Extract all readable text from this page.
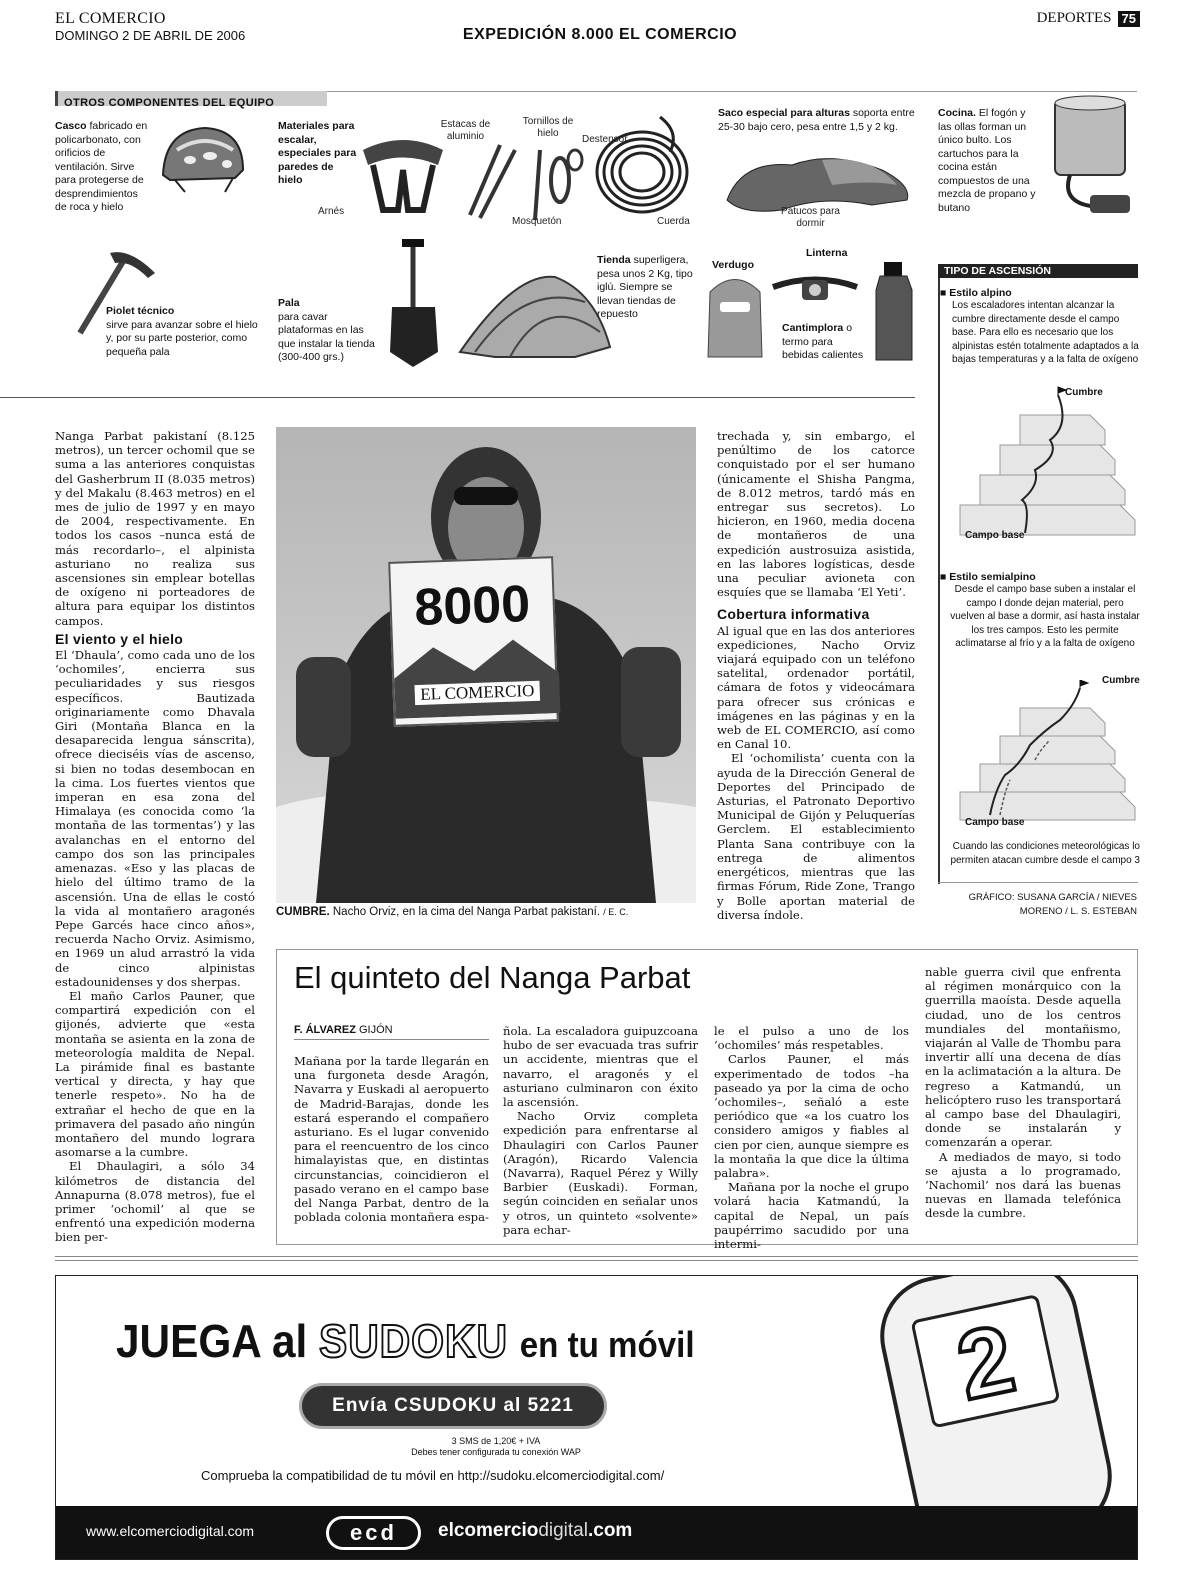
EL COMERCIO
DOMINGO 2 DE ABRIL DE 2006	EXPEDICIÓN 8.000 EL COMERCIO
DEPORTES 75
OTROS COMPONENTES DEL EQUIPO
Casco fabricado en policarbonato, con orificios de ventilación. Sirve para protegerse de desprendimientos de roca y hielo
Materiales para escalar, especiales para paredes de hielo
Arnés
Estacas de aluminio
Tornillos de hielo
Destensor
Mosquetón	Cuerda
Saco especial para alturas soporta entre 25-30 bajo cero, pesa entre 1,5 y 2 kg.
Patucos para dormir
Cocina. El fogón y las ollas forman un único bulto. Los cartuchos para la cocina están compuestos de una mezcla de propano y butano
Piolet técnico
sirve para avanzar sobre el hielo y, por su parte posterior, como pequeña pala
Pala
para cavar plataformas en las que instalar la tienda (300-400 grs.)
Tienda superligera, pesa unos 2 Kg, tipo iglú. Siempre se llevan tiendas de repuesto
Verdugo
Linterna
Cantimplora o termo para bebidas calientes
TIPO DE ASCENSIÓN
■ Estilo alpino
Los escaladores intentan alcanzar la cumbre directamente desde el campo base. Para ello es necesario que los alpinistas estén totalmente adaptados a la bajas temperaturas y a la falta de oxígeno
Cumbre
Campo base
■ Estilo semialpino
Desde el campo base suben a instalar el campo I donde dejan material, pero vuelven al base a dormir, así hasta instalar los tres campos. Esto les permite aclimatarse al frío y a la falta de oxígeno
Cumbre
Campo base
Cuando las condiciones meteorológicas lo permiten atacan cumbre desde el campo 3
GRÁFICO: SUSANA GARCÍA / NIEVES MORENO / L. S. ESTEBAN

Nanga Parbat pakistaní (8.125 metros), un tercer ochomil que se suma a las anteriores conquistas del Gasherbrum II (8.035 metros) y del Makalu (8.463 metros) en el mes de julio de 1997 y en mayo de 2004, respectivamente. En todos los casos –nunca está de más recordarlo–, el alpinista asturiano no realiza sus ascensiones sin emplear botellas de oxígeno ni porteadores de altura para equipar los distintos campos.

El viento y el hielo

El ‘Dhaula’, como cada uno de los ‘ochomiles’, encierra sus peculiaridades y sus riesgos específicos. Bautizada originariamente como Dhavala Giri (Montaña Blanca en la desaparecida lengua sánscrita), ofrece dieciséis vías de ascenso, si bien no todas desembocan en la cima. Los fuertes vientos que imperan en esa zona del Himalaya (es conocida como ‘la montaña de las tormentas’) y las avalanchas en el entorno del campo dos son las principales amenazas. «Eso y las placas de hielo del último tramo de la ascensión. Una de ellas le costó la vida al montañero aragonés Pepe Garcés hace cinco años», recuerda Nacho Orviz. Asimismo, en 1969 un alud arrastró la vida de cinco alpinistas estadounidenses y dos sherpas.

El maño Carlos Pauner, que compartirá expedición con el gijonés, advierte que «esta montaña se asienta en la zona de meteorología maldita de Nepal. La pirámide final es bastante vertical y directa, y hay que tenerle respeto». No ha de extrañar el hecho de que en la primavera del pasado año ningún montañero del mundo lograra asomarse a la cumbre.

El Dhaulagiri, a sólo 34 kilómetros de distancia del Annapurna (8.078 metros), fue el primer ‘ochomil’ al que se enfrentó una expedición moderna bien per-

8000
EL COMERCIO
CUMBRE. Nacho Orviz, en la cima del Nanga Parbat pakistaní. / E. C.

trechada y, sin embargo, el penúltimo de los catorce conquistado por el ser humano (únicamente el Shisha Pangma, de 8.012 metros, tardó más en entregar sus secretos). Lo hicieron, en 1960, media docena de montañeros de una expedición austrosuiza asistida, en las labores logísticas, desde una peculiar avioneta con esquíes que se llamaba ‘El Yeti’.

Cobertura informativa

Al igual que en las dos anteriores expediciones, Nacho Orviz viajará equipado con un teléfono satelital, ordenador portátil, cámara de fotos y videocámara para ofrecer sus crónicas e imágenes en las páginas y en la web de EL COMERCIO, así como en Canal 10.

El ‘ochomilista’ cuenta con la ayuda de la Dirección General de Deportes del Principado de Asturias, el Patronato Deportivo Municipal de Gijón y Peluquerías Gerclem. El establecimiento Planta Sana contribuye con la entrega de alimentos energéticos, mientras que las firmas Fórum, Ride Zone, Trango y Bolle aportan material de diversa índole.

El quinteto del Nanga Parbat
F. ÁLVAREZ GIJÓN

Mañana por la tarde llegarán en una furgoneta desde Aragón, Navarra y Euskadi al aeropuerto de Madrid-Barajas, donde les estará esperando el compañero asturiano. Es el lugar convenido para el reencuentro de los cinco himalayistas que, en distintas circunstancias, coincidieron el pasado verano en el campo base del Nanga Parbat, dentro de la poblada colonia montañera espa-

ñola. La escaladora guipuzcoana hubo de ser evacuada tras sufrir un accidente, mientras que el navarro, el aragonés y el asturiano culminaron con éxito la ascensión.

Nacho Orviz completa expedición para enfrentarse al Dhaulagiri con Carlos Pauner (Aragón), Ricardo Valencia (Navarra), Raquel Pérez y Willy Barbier (Euskadi). Forman, según coinciden en señalar unos y otros, un quinteto «solvente» para echar-

le el pulso a uno de los ‘ochomiles’ más respetables.

Carlos Pauner, el más experimentado de todos –ha paseado ya por la cima de ocho ‘ochomiles–, señaló a este periódico que «a los cuatro los considero amigos y fiables al cien por cien, aunque siempre es la montaña la que dice la última palabra».

Mañana por la noche el grupo volará hacia Katmandú, la capital de Nepal, un país paupérrimo sacudido por una intermi-

nable guerra civil que enfrenta al régimen monárquico con la guerrilla maoísta. Desde aquella ciudad, uno de los centros mundiales del montañismo, viajarán al Valle de Thombu para invertir allí una decena de días en la aclimatación a la altura. De regreso a Katmandú, un helicóptero ruso les transportará al campo base del Dhaulagiri, donde se instalarán y comenzarán a operar.

A mediados de mayo, si todo se ajusta a lo programado, ‘Nachomil’ nos dará las buenas nuevas en llamada telefónica desde la cumbre.

JUEGA al SUDOKU en tu móvil
Envía CSUDOKU al 5221
3 SMS de 1,20€ + IVA
Debes tener configurada tu conexión WAP
Comprueba la compatibilidad de tu móvil en http://sudoku.elcomerciodigital.com/
2
www.elcomerciodigital.com	ecd	elcomerciodigital.com
